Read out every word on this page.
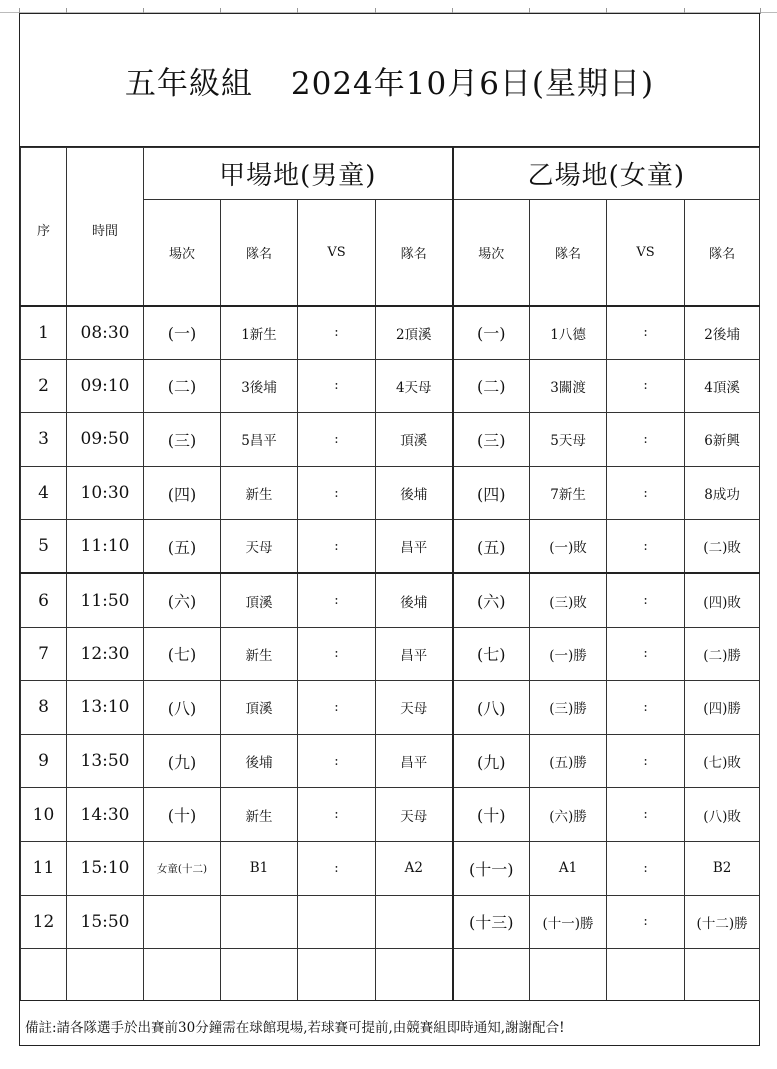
五年級組 2024年10月6日(星期日)
序	時間	甲場地(男童)				乙場地(女童)			
		場次	隊名	VS	隊名	場次	隊名	VS	隊名
1	08:30	(一)	1新生	:	2頂溪	(一)	1八德	:	2後埔
2	09:10	(二)	3後埔	:	4天母	(二)	3關渡	:	4頂溪
3	09:50	(三)	5昌平	:	頂溪	(三)	5天母	:	6新興
4	10:30	(四)	新生	:	後埔	(四)	7新生	:	8成功
5	11:10	(五)	天母	:	昌平	(五)	(一)敗	:	(二)敗
6	11:50	(六)	頂溪	:	後埔	(六)	(三)敗	:	(四)敗
7	12:30	(七)	新生	:	昌平	(七)	(一)勝	:	(二)勝
8	13:10	(八)	頂溪	:	天母	(八)	(三)勝	:	(四)勝
9	13:50	(九)	後埔	:	昌平	(九)	(五)勝	:	(七)敗
10	14:30	(十)	新生	:	天母	(十)	(六)勝	:	(八)敗
11	15:10	女童(十二)	B1	:	A2	(十一)	A1	:	B2
12	15:50					(十三)	(十一)勝	:	(十二)勝

備註:請各隊選手於出賽前30分鐘需在球館現場,若球賽可提前,由競賽組即時通知,謝謝配合!
